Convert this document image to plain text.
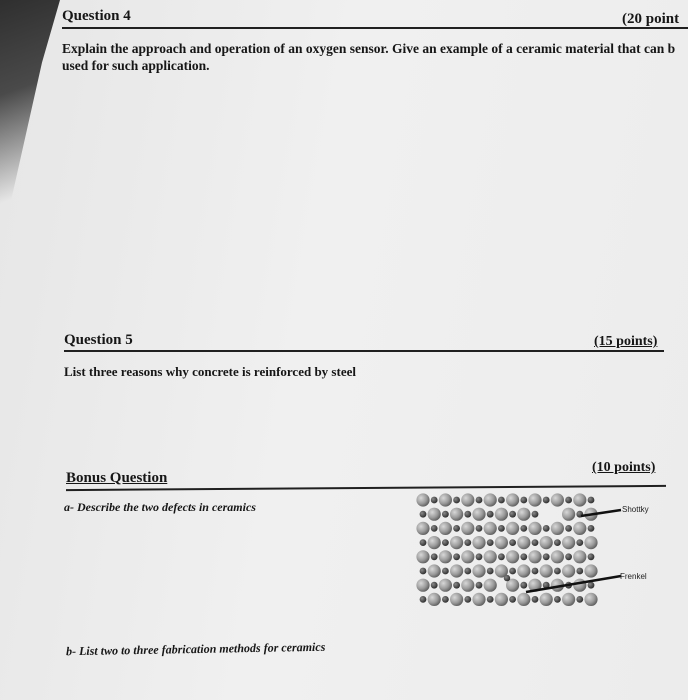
Question 4	(20 point
Explain the approach and operation of an oxygen sensor. Give an example of a ceramic material that can b used for such application.
Question 5	(15 points)
List three reasons why concrete is reinforced by steel
Bonus Question
(10 points)
a- Describe the two defects in ceramics
b- List two to three fabrication methods for ceramics
Shottky
Frenkel
